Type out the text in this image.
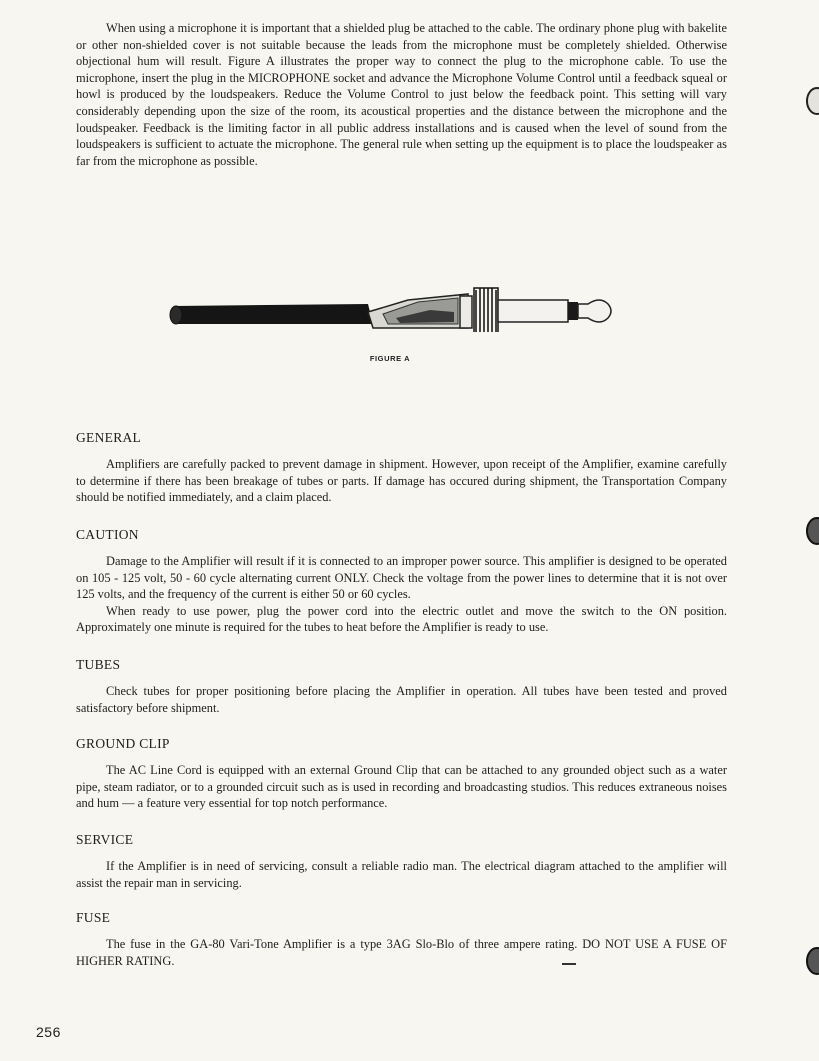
When using a microphone it is important that a shielded plug be attached to the cable. The ordinary phone plug with bakelite or other non-shielded cover is not suitable because the leads from the microphone must be completely shielded. Otherwise objectional hum will result. Figure A illustrates the proper way to connect the plug to the microphone cable. To use the microphone, insert the plug in the MICROPHONE socket and advance the Microphone Volume Control until a feedback squeal or howl is produced by the loudspeakers. Reduce the Volume Control to just below the feedback point. This setting will vary considerably depending upon the size of the room, its acoustical properties and the distance between the microphone and the loudspeaker. Feedback is the limiting factor in all public address installations and is caused when the level of sound from the loudspeakers is sufficient to actuate the microphone. The general rule when setting up the equipment is to place the loudspeaker as far from the microphone as possible.

FIGURE A
GENERAL

Amplifiers are carefully packed to prevent damage in shipment. However, upon receipt of the Amplifier, examine carefully to determine if there has been breakage of tubes or parts. If damage has occured during shipment, the Transportation Company should be notified immediately, and a claim placed.

CAUTION

Damage to the Amplifier will result if it is connected to an improper power source. This amplifier is designed to be operated on 105 - 125 volt, 50 - 60 cycle alternating current ONLY. Check the voltage from the power lines to determine that it is not over 125 volts, and the frequency of the current is either 50 or 60 cycles.

When ready to use power, plug the power cord into the electric outlet and move the switch to the ON position. Approximately one minute is required for the tubes to heat before the Amplifier is ready to use.

TUBES

Check tubes for proper positioning before placing the Amplifier in operation. All tubes have been tested and proved satisfactory before shipment.

GROUND CLIP

The AC Line Cord is equipped with an external Ground Clip that can be attached to any grounded object such as a water pipe, steam radiator, or to a grounded circuit such as is used in recording and broadcasting studios. This reduces extraneous noises and hum — a feature very essential for top notch performance.

SERVICE

If the Amplifier is in need of servicing, consult a reliable radio man. The electrical diagram attached to the amplifier will assist the repair man in servicing.

FUSE

The fuse in the GA-80 Vari-Tone Amplifier is a type 3AG Slo-Blo of three ampere rating. DO NOT USE A FUSE OF HIGHER RATING.

256
